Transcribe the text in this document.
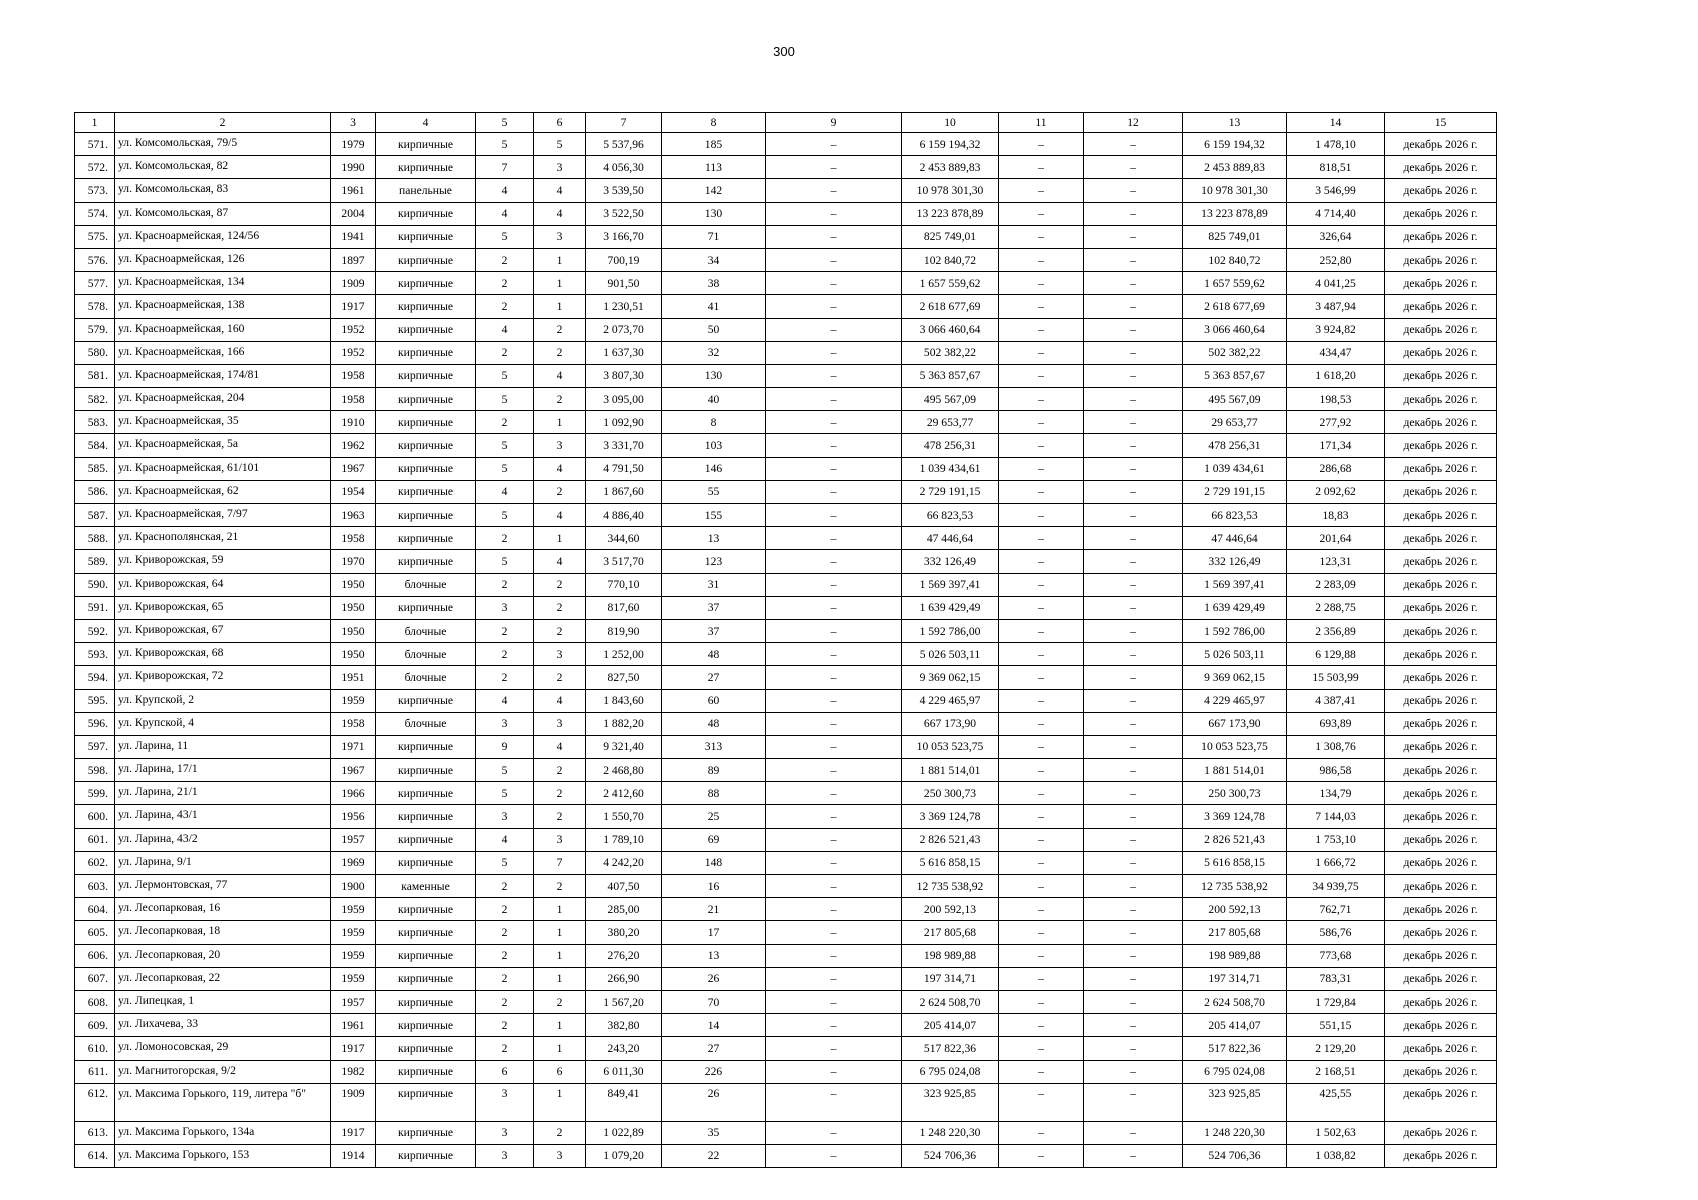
300
1	2	3	4	5	6	7	8	9	10	11	12	13	14	15
571.	ул. Комсомольская, 79/5	1979	кирпичные	5	5	5 537,96	185	–	6 159 194,32	–	–	6 159 194,32	1 478,10	декабрь 2026 г.
572.	ул. Комсомольская, 82	1990	кирпичные	7	3	4 056,30	113	–	2 453 889,83	–	–	2 453 889,83	818,51	декабрь 2026 г.
573.	ул. Комсомольская, 83	1961	панельные	4	4	3 539,50	142	–	10 978 301,30	–	–	10 978 301,30	3 546,99	декабрь 2026 г.
574.	ул. Комсомольская, 87	2004	кирпичные	4	4	3 522,50	130	–	13 223 878,89	–	–	13 223 878,89	4 714,40	декабрь 2026 г.
575.	ул. Красноармейская, 124/56	1941	кирпичные	5	3	3 166,70	71	–	825 749,01	–	–	825 749,01	326,64	декабрь 2026 г.
576.	ул. Красноармейская, 126	1897	кирпичные	2	1	700,19	34	–	102 840,72	–	–	102 840,72	252,80	декабрь 2026 г.
577.	ул. Красноармейская, 134	1909	кирпичные	2	1	901,50	38	–	1 657 559,62	–	–	1 657 559,62	4 041,25	декабрь 2026 г.
578.	ул. Красноармейская, 138	1917	кирпичные	2	1	1 230,51	41	–	2 618 677,69	–	–	2 618 677,69	3 487,94	декабрь 2026 г.
579.	ул. Красноармейская, 160	1952	кирпичные	4	2	2 073,70	50	–	3 066 460,64	–	–	3 066 460,64	3 924,82	декабрь 2026 г.
580.	ул. Красноармейская, 166	1952	кирпичные	2	2	1 637,30	32	–	502 382,22	–	–	502 382,22	434,47	декабрь 2026 г.
581.	ул. Красноармейская, 174/81	1958	кирпичные	5	4	3 807,30	130	–	5 363 857,67	–	–	5 363 857,67	1 618,20	декабрь 2026 г.
582.	ул. Красноармейская, 204	1958	кирпичные	5	2	3 095,00	40	–	495 567,09	–	–	495 567,09	198,53	декабрь 2026 г.
583.	ул. Красноармейская, 35	1910	кирпичные	2	1	1 092,90	8	–	29 653,77	–	–	29 653,77	277,92	декабрь 2026 г.
584.	ул. Красноармейская, 5а	1962	кирпичные	5	3	3 331,70	103	–	478 256,31	–	–	478 256,31	171,34	декабрь 2026 г.
585.	ул. Красноармейская, 61/101	1967	кирпичные	5	4	4 791,50	146	–	1 039 434,61	–	–	1 039 434,61	286,68	декабрь 2026 г.
586.	ул. Красноармейская, 62	1954	кирпичные	4	2	1 867,60	55	–	2 729 191,15	–	–	2 729 191,15	2 092,62	декабрь 2026 г.
587.	ул. Красноармейская, 7/97	1963	кирпичные	5	4	4 886,40	155	–	66 823,53	–	–	66 823,53	18,83	декабрь 2026 г.
588.	ул. Краснополянская, 21	1958	кирпичные	2	1	344,60	13	–	47 446,64	–	–	47 446,64	201,64	декабрь 2026 г.
589.	ул. Криворожская, 59	1970	кирпичные	5	4	3 517,70	123	–	332 126,49	–	–	332 126,49	123,31	декабрь 2026 г.
590.	ул. Криворожская, 64	1950	блочные	2	2	770,10	31	–	1 569 397,41	–	–	1 569 397,41	2 283,09	декабрь 2026 г.
591.	ул. Криворожская, 65	1950	кирпичные	3	2	817,60	37	–	1 639 429,49	–	–	1 639 429,49	2 288,75	декабрь 2026 г.
592.	ул. Криворожская, 67	1950	блочные	2	2	819,90	37	–	1 592 786,00	–	–	1 592 786,00	2 356,89	декабрь 2026 г.
593.	ул. Криворожская, 68	1950	блочные	2	3	1 252,00	48	–	5 026 503,11	–	–	5 026 503,11	6 129,88	декабрь 2026 г.
594.	ул. Криворожская, 72	1951	блочные	2	2	827,50	27	–	9 369 062,15	–	–	9 369 062,15	15 503,99	декабрь 2026 г.
595.	ул. Крупской, 2	1959	кирпичные	4	4	1 843,60	60	–	4 229 465,97	–	–	4 229 465,97	4 387,41	декабрь 2026 г.
596.	ул. Крупской, 4	1958	блочные	3	3	1 882,20	48	–	667 173,90	–	–	667 173,90	693,89	декабрь 2026 г.
597.	ул. Ларина, 11	1971	кирпичные	9	4	9 321,40	313	–	10 053 523,75	–	–	10 053 523,75	1 308,76	декабрь 2026 г.
598.	ул. Ларина, 17/1	1967	кирпичные	5	2	2 468,80	89	–	1 881 514,01	–	–	1 881 514,01	986,58	декабрь 2026 г.
599.	ул. Ларина, 21/1	1966	кирпичные	5	2	2 412,60	88	–	250 300,73	–	–	250 300,73	134,79	декабрь 2026 г.
600.	ул. Ларина, 43/1	1956	кирпичные	3	2	1 550,70	25	–	3 369 124,78	–	–	3 369 124,78	7 144,03	декабрь 2026 г.
601.	ул. Ларина, 43/2	1957	кирпичные	4	3	1 789,10	69	–	2 826 521,43	–	–	2 826 521,43	1 753,10	декабрь 2026 г.
602.	ул. Ларина, 9/1	1969	кирпичные	5	7	4 242,20	148	–	5 616 858,15	–	–	5 616 858,15	1 666,72	декабрь 2026 г.
603.	ул. Лермонтовская, 77	1900	каменные	2	2	407,50	16	–	12 735 538,92	–	–	12 735 538,92	34 939,75	декабрь 2026 г.
604.	ул. Лесопарковая, 16	1959	кирпичные	2	1	285,00	21	–	200 592,13	–	–	200 592,13	762,71	декабрь 2026 г.
605.	ул. Лесопарковая, 18	1959	кирпичные	2	1	380,20	17	–	217 805,68	–	–	217 805,68	586,76	декабрь 2026 г.
606.	ул. Лесопарковая, 20	1959	кирпичные	2	1	276,20	13	–	198 989,88	–	–	198 989,88	773,68	декабрь 2026 г.
607.	ул. Лесопарковая, 22	1959	кирпичные	2	1	266,90	26	–	197 314,71	–	–	197 314,71	783,31	декабрь 2026 г.
608.	ул. Липецкая, 1	1957	кирпичные	2	2	1 567,20	70	–	2 624 508,70	–	–	2 624 508,70	1 729,84	декабрь 2026 г.
609.	ул. Лихачева, 33	1961	кирпичные	2	1	382,80	14	–	205 414,07	–	–	205 414,07	551,15	декабрь 2026 г.
610.	ул. Ломоносовская, 29	1917	кирпичные	2	1	243,20	27	–	517 822,36	–	–	517 822,36	2 129,20	декабрь 2026 г.
611.	ул. Магнитогорская, 9/2	1982	кирпичные	6	6	6 011,30	226	–	6 795 024,08	–	–	6 795 024,08	2 168,51	декабрь 2026 г.
612.	ул. Максима Горького, 119, литера "б"	1909	кирпичные	3	1	849,41	26	–	323 925,85	–	–	323 925,85	425,55	декабрь 2026 г.
613.	ул. Максима Горького, 134а	1917	кирпичные	3	2	1 022,89	35	–	1 248 220,30	–	–	1 248 220,30	1 502,63	декабрь 2026 г.
614.	ул. Максима Горького, 153	1914	кирпичные	3	3	1 079,20	22	–	524 706,36	–	–	524 706,36	1 038,82	декабрь 2026 г.
